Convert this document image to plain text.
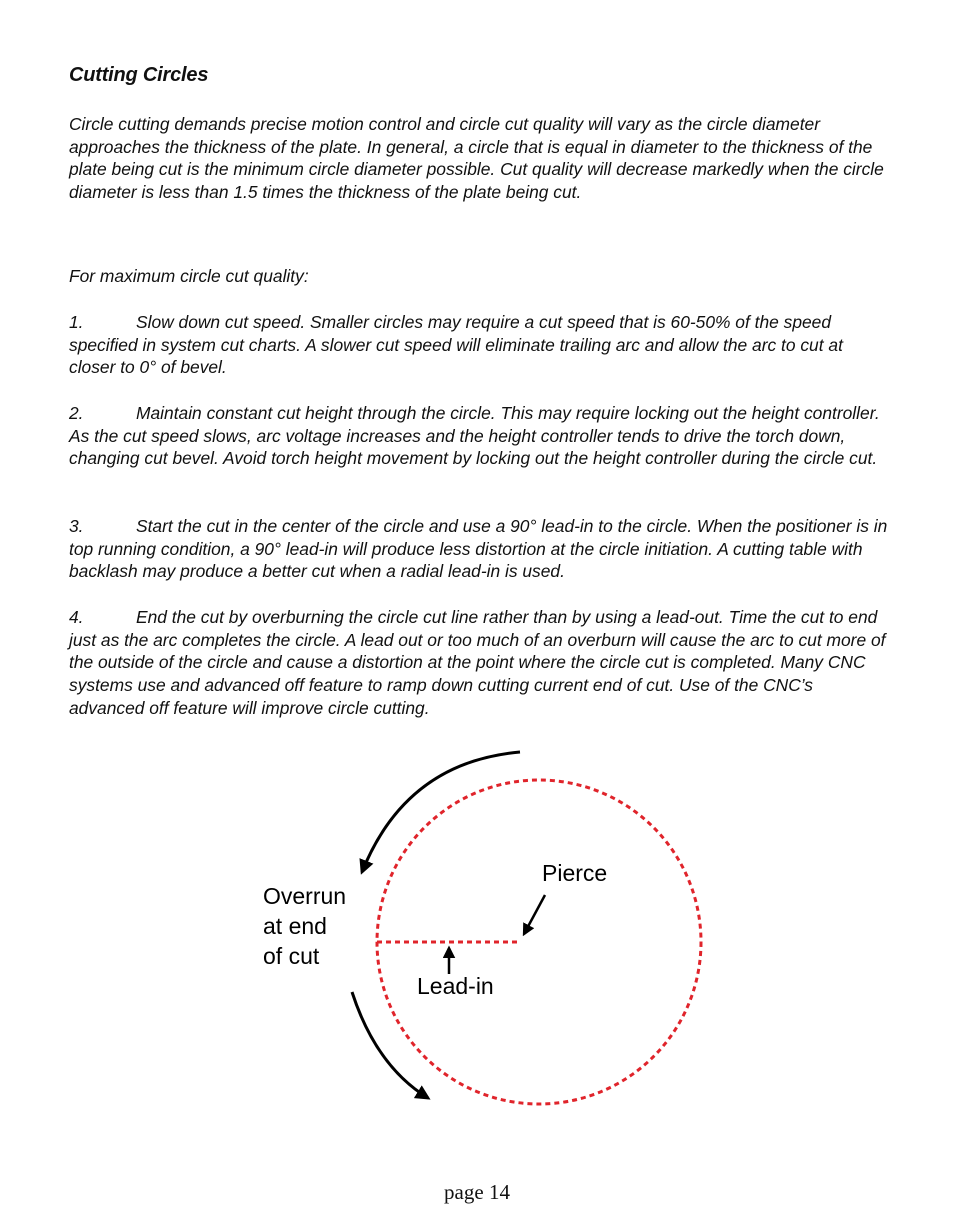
Cutting Circles

Circle cutting demands precise motion control and circle cut quality will vary as the circle diameter approaches the thickness of the plate. In general, a circle that is equal in diameter to the thickness of the plate being cut is the minimum circle diameter possible. Cut quality will decrease markedly when the circle diameter is less than 1.5 times the thickness of the plate being cut.

For maximum circle cut quality:

1.	Slow down cut speed. Smaller circles may require a cut speed that is 60-50% of the speed specified in system cut charts. A slower cut speed will eliminate trailing arc and allow the arc to cut at closer to 0° of bevel.

2.	Maintain constant cut height through the circle. This may require locking out the height controller. As the cut speed slows, arc voltage increases and the height controller tends to drive the torch down, changing cut bevel. Avoid torch height movement by locking out the height controller during the circle cut.

3.	Start the cut in the center of the circle and use a 90° lead-in to the circle. When the positioner is in top running condition, a 90° lead-in will produce less distortion at the circle initiation. A cutting table with backlash may produce a better cut when a radial lead-in is used.

4.	End the cut by overburning the circle cut line rather than by using a lead-out. Time the cut to end just as the arc completes the circle. A lead out or too much of an overburn will cause the arc to cut more of the outside of the circle and cause a distortion at the point where the circle cut is completed. Many CNC systems use and advanced off feature to ramp down cutting current end of cut. Use of the CNC’s advanced off feature will improve circle cutting.

Overrun
at end
of cut
Pierce
Lead-in
page 14
